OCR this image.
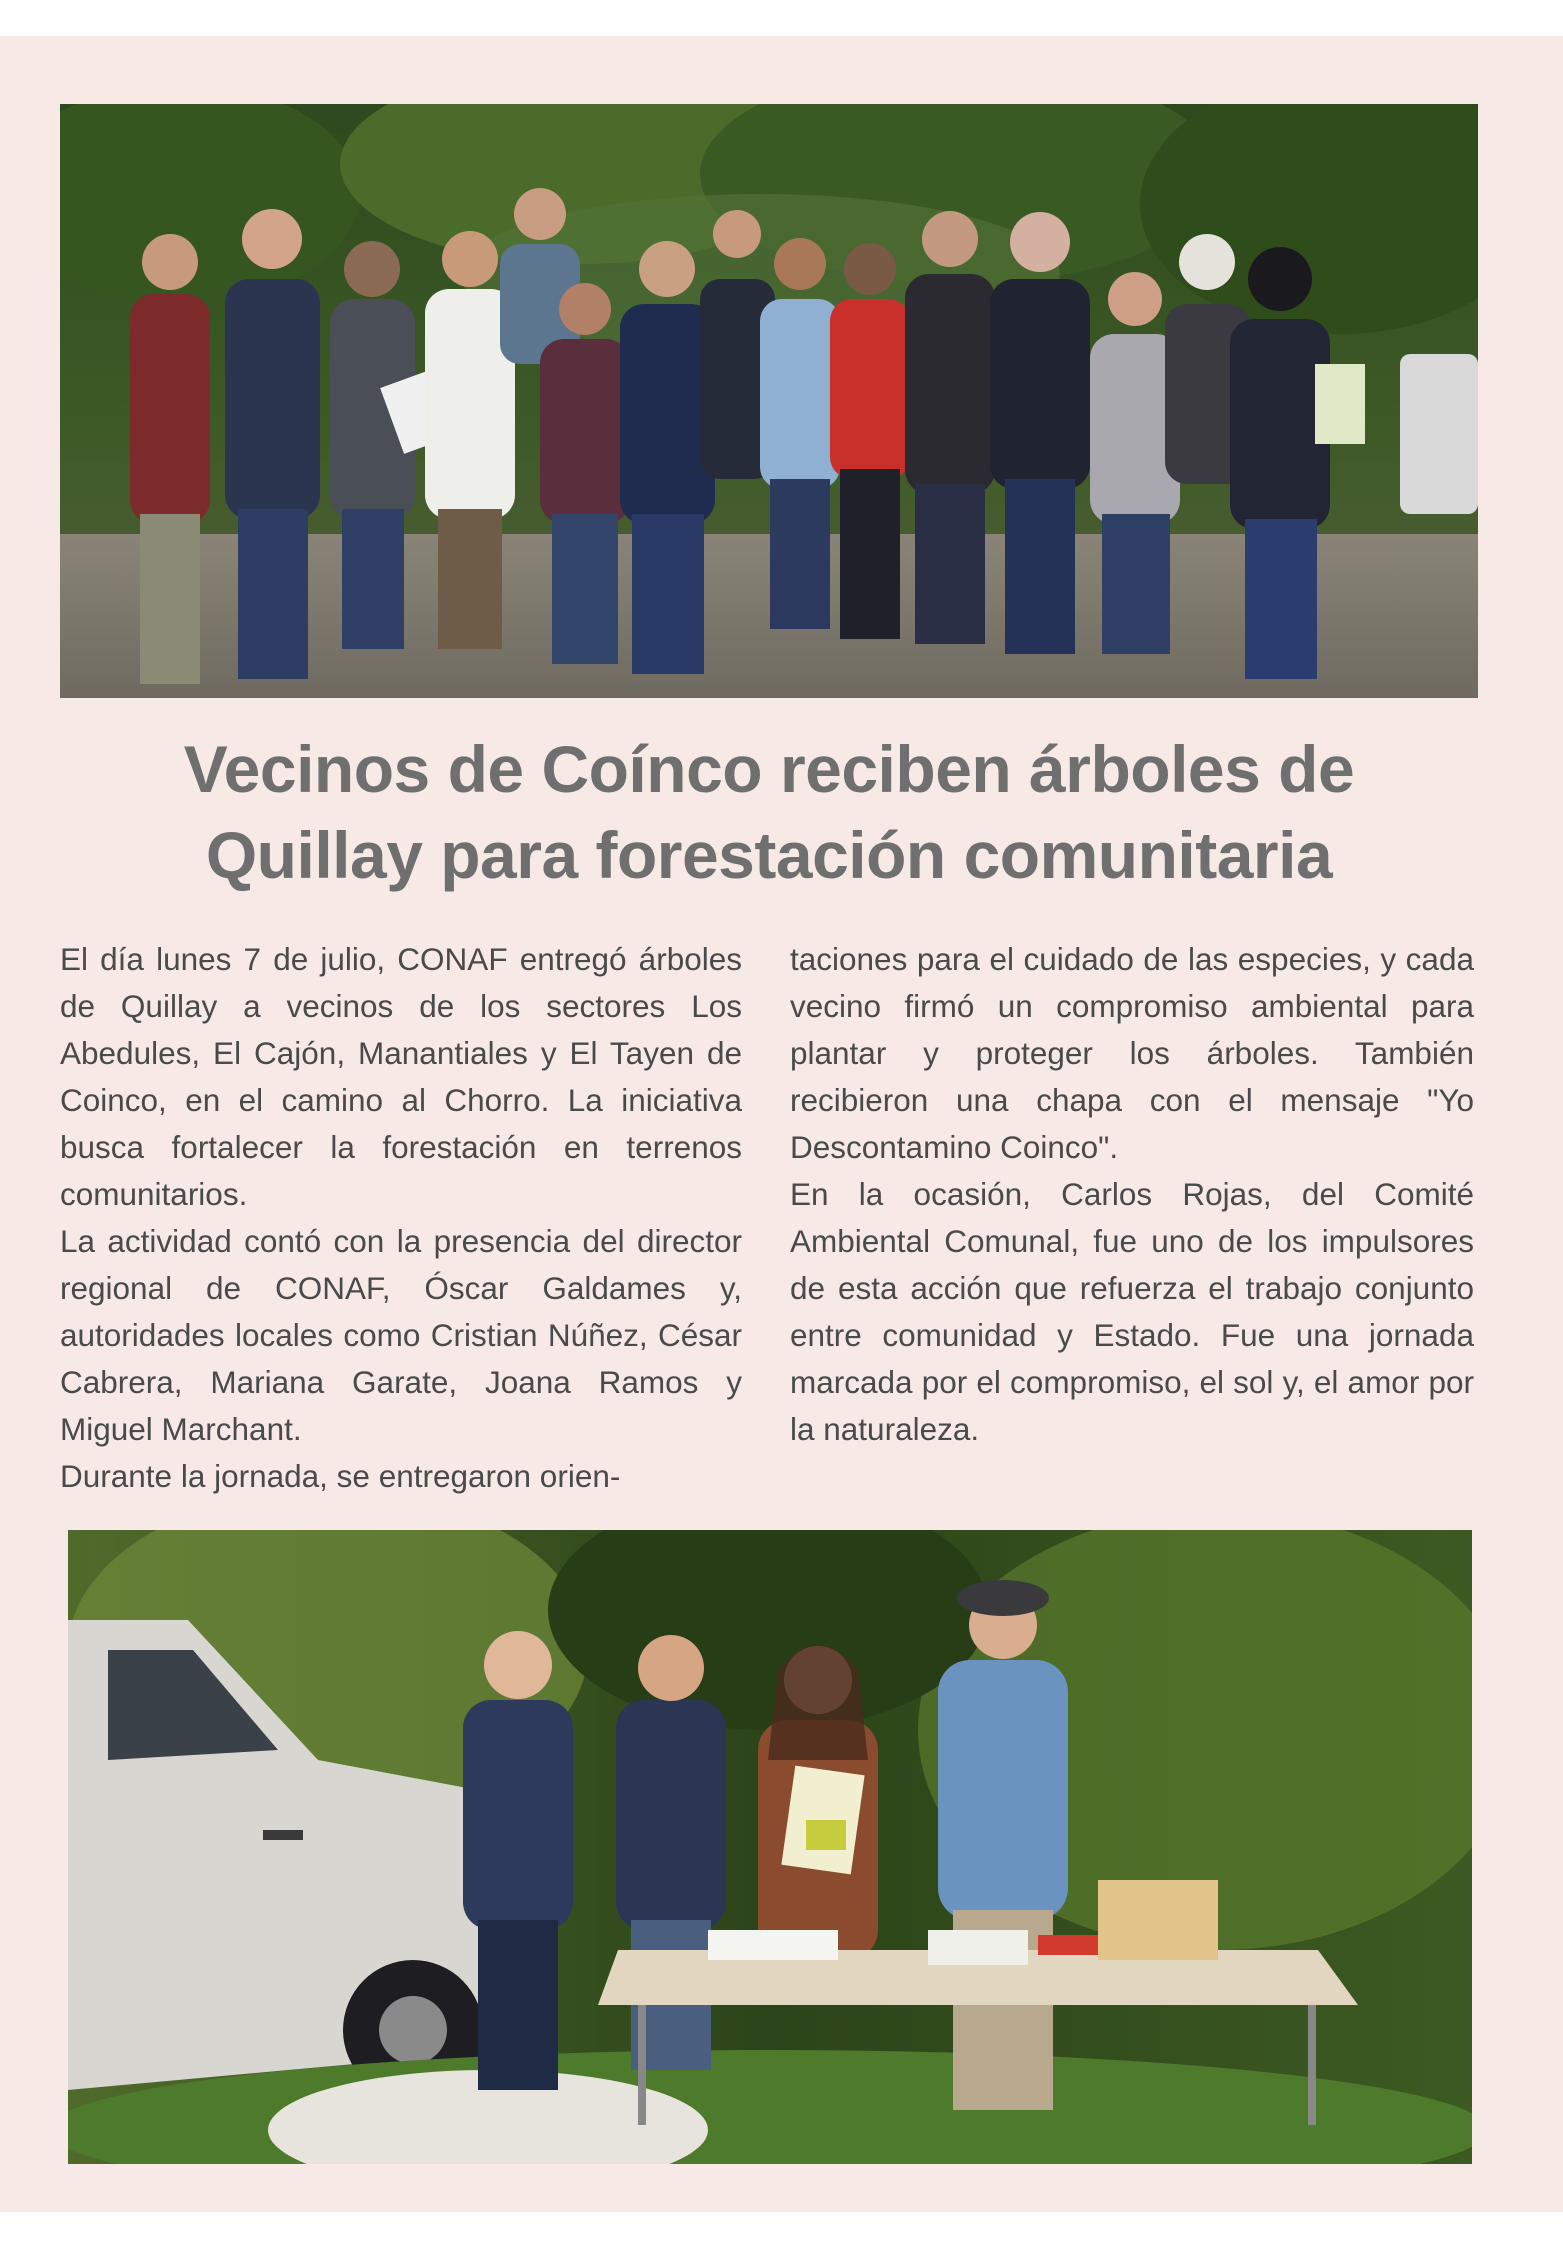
Vecinos de Coínco reciben árboles de
Quillay para forestación comunitaria

El día lunes 7 de julio, CONAF entregó árboles de Quillay a vecinos de los sectores Los Abedules, El Cajón, Manantiales y El Tayen de Coinco, en el camino al Chorro. La iniciativa busca fortalecer la forestación en terrenos comunitarios.

La actividad contó con la presencia del director regional de CONAF, Óscar Galdames y, autoridades locales como Cristian Núñez, César Cabrera, Mariana Garate, Joana Ramos y Miguel Marchant.

Durante la jornada, se entregaron orien-

taciones para el cuidado de las especies, y cada vecino firmó un compromiso ambiental para plantar y proteger los árboles. También recibieron una chapa con el mensaje "Yo Descontamino Coinco".

En la ocasión, Carlos Rojas, del Comité Ambiental Comunal, fue uno de los impulsores de esta acción que refuerza el trabajo conjunto entre comunidad y Estado. Fue una jornada marcada por el compromiso, el sol y, el amor por la naturaleza.
